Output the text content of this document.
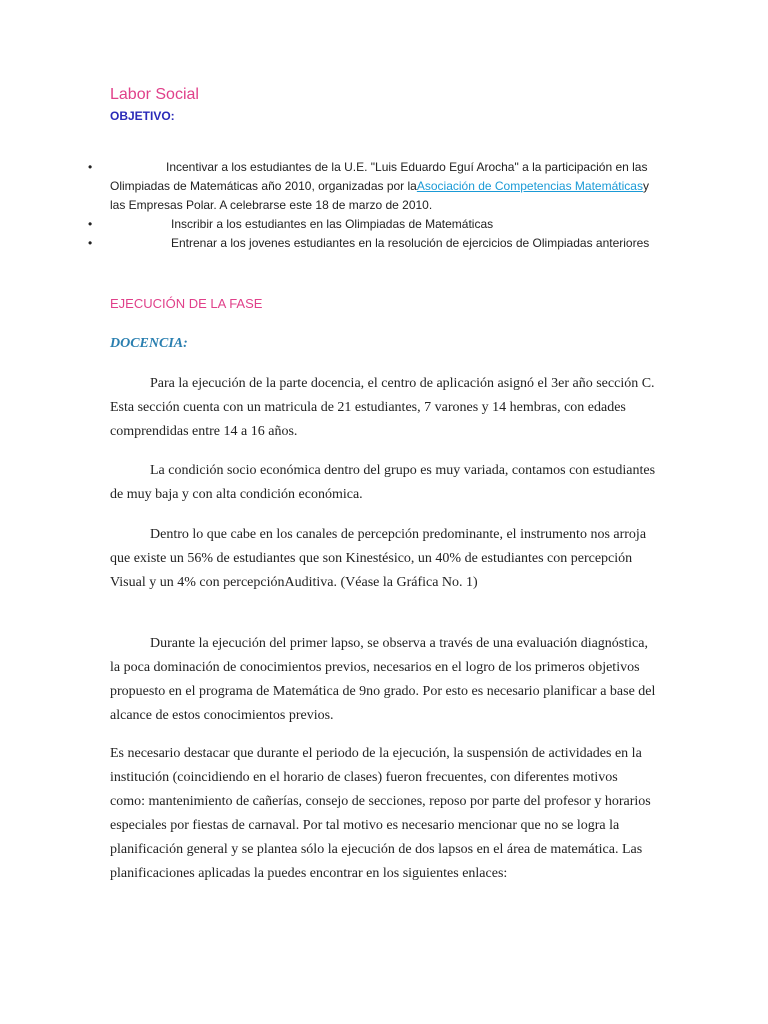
Labor Social
OBJETIVO:
•	Incentivar a los estudiantes de la U.E. "Luis Eduardo Eguí Arocha" a la participación en las Olimpiadas de Matemáticas año 2010, organizadas por laAsociación de Competencias Matemáticasy las Empresas Polar. A celebrarse este 18 de marzo de 2010.
•	Inscribir a los estudiantes en las Olimpiadas de Matemáticas
•	Entrenar a los jovenes estudiantes en la resolución de ejercicios de Olimpiadas anteriores
EJECUCIÓN DE LA FASE
DOCENCIA:
Para la ejecución de la parte docencia, el centro de aplicación asignó el 3er año sección C. Esta sección cuenta con un matricula de 21 estudiantes, 7 varones y 14 hembras, con edades comprendidas entre 14 a 16 años.
La condición socio económica dentro del grupo es muy variada, contamos con estudiantes de muy baja y con alta condición económica.
Dentro lo que cabe en los canales de percepción predominante, el instrumento nos arroja que existe un 56% de estudiantes que son Kinestésico, un 40% de estudiantes con percepción Visual y un 4% con percepciónAuditiva. (Véase la Gráfica No. 1)
Durante la ejecución del primer lapso, se observa a través de una evaluación diagnóstica, la poca dominación de conocimientos previos, necesarios en el logro de los primeros objetivos propuesto en el programa de Matemática de 9no grado. Por esto es necesario planificar a base del alcance de estos conocimientos previos.
Es necesario destacar que durante el periodo de la ejecución, la suspensión de actividades en la institución (coincidiendo en el horario de clases) fueron frecuentes, con diferentes motivos como: mantenimiento de cañerías, consejo de secciones, reposo por parte del profesor y horarios especiales por fiestas de carnaval. Por tal motivo es necesario mencionar que no se logra la planificación general y se plantea sólo la ejecución de dos lapsos en el área de matemática. Las planificaciones aplicadas la puedes encontrar en los siguientes enlaces:
